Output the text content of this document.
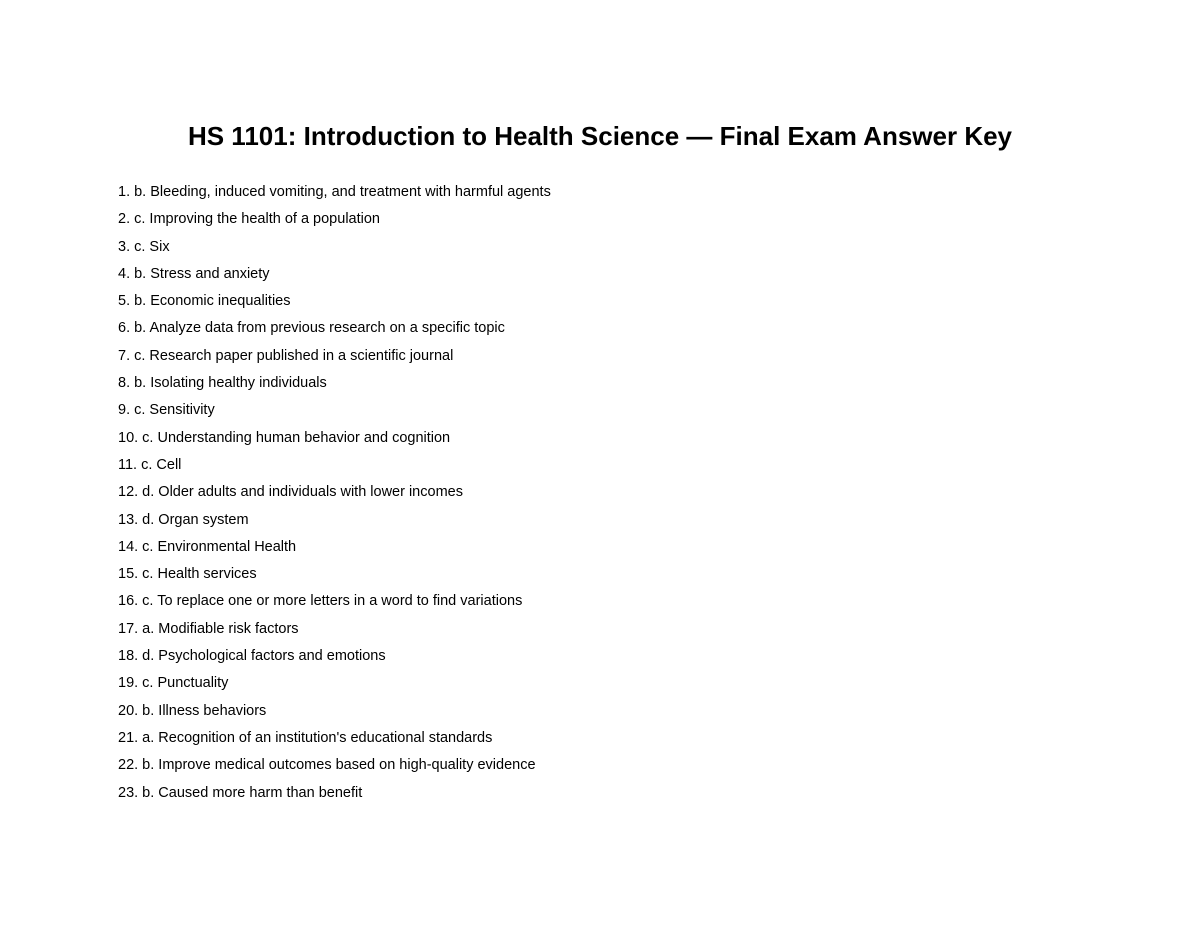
HS 1101: Introduction to Health Science — Final Exam Answer Key
1. b. Bleeding, induced vomiting, and treatment with harmful agents
2. c. Improving the health of a population
3. c. Six
4. b. Stress and anxiety
5. b. Economic inequalities
6. b. Analyze data from previous research on a specific topic
7. c. Research paper published in a scientific journal
8. b. Isolating healthy individuals
9. c. Sensitivity
10. c. Understanding human behavior and cognition
11. c. Cell
12. d. Older adults and individuals with lower incomes
13. d. Organ system
14. c. Environmental Health
15. c. Health services
16. c. To replace one or more letters in a word to find variations
17. a. Modifiable risk factors
18. d. Psychological factors and emotions
19. c. Punctuality
20. b. Illness behaviors
21. a. Recognition of an institution's educational standards
22. b. Improve medical outcomes based on high-quality evidence
23. b. Caused more harm than benefit
